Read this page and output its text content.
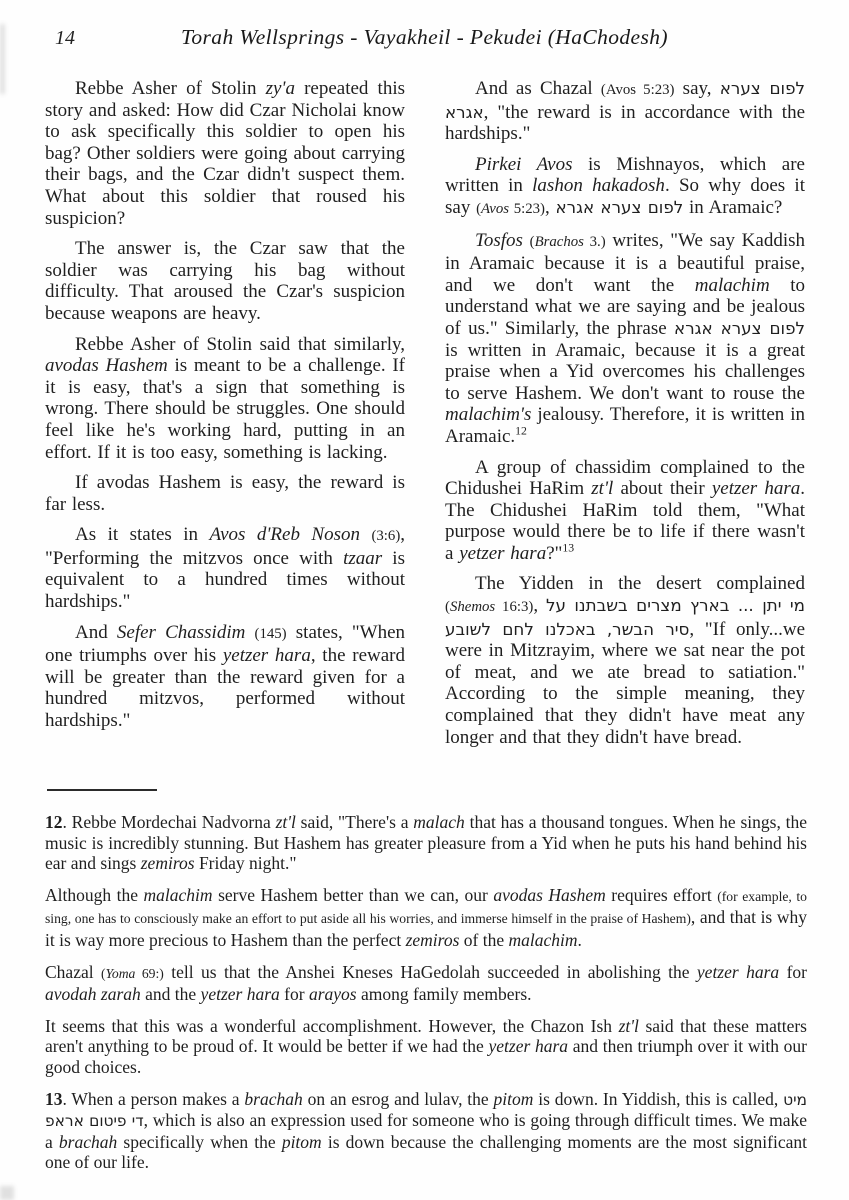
14	Torah Wellsprings - Vayakheil - Pekudei (HaChodesh)

Rebbe Asher of Stolin zy'a repeated this story and asked: How did Czar Nicholai know to ask specifically this soldier to open his bag? Other soldiers were going about carrying their bags, and the Czar didn't suspect them. What about this soldier that roused his suspicion?

The answer is, the Czar saw that the soldier was carrying his bag without difficulty. That aroused the Czar's suspicion because weapons are heavy.

Rebbe Asher of Stolin said that similarly, avodas Hashem is meant to be a challenge. If it is easy, that's a sign that something is wrong. There should be struggles. One should feel like he's working hard, putting in an effort. If it is too easy, something is lacking.

If avodas Hashem is easy, the reward is far less.

As it states in Avos d'Reb Noson (3:6), "Performing the mitzvos once with tzaar is equivalent to a hundred times without hardships."

And Sefer Chassidim (145) states, "When one triumphs over his yetzer hara, the reward will be greater than the reward given for a hundred mitzvos, performed without hardships."

And as Chazal (Avos 5:23) say, לפום צערא אגרא, "the reward is in accordance with the hardships."

Pirkei Avos is Mishnayos, which are written in lashon hakadosh. So why does it say (Avos 5:23), לפום צערא אגרא in Aramaic?

Tosfos (Brachos 3.) writes, "We say Kaddish in Aramaic because it is a beautiful praise, and we don't want the malachim to understand what we are saying and be jealous of us." Similarly, the phrase לפום צערא אגרא is written in Aramaic, because it is a great praise when a Yid overcomes his challenges to serve Hashem. We don't want to rouse the malachim's jealousy. Therefore, it is written in Aramaic.$^{12}$

A group of chassidim complained to the Chidushei HaRim zt'l about their yetzer hara. The Chidushei HaRim told them, "What purpose would there be to life if there wasn't a yetzer hara?"$^{13}$

The Yidden in the desert complained (Shemos 16:3), מי יתן ... בארץ מצרים בשבתנו על סיר הבשר, באכלנו לחם לשובע, "If only...we were in Mitzrayim, where we sat near the pot of meat, and we ate bread to satiation." According to the simple meaning, they complained that they didn't have meat any longer and that they didn't have bread.

12. Rebbe Mordechai Nadvorna zt'l said, "There's a malach that has a thousand tongues. When he sings, the music is incredibly stunning. But Hashem has greater pleasure from a Yid when he puts his hand behind his ear and sings zemiros Friday night."

Although the malachim serve Hashem better than we can, our avodas Hashem requires effort (for example, to sing, one has to consciously make an effort to put aside all his worries, and immerse himself in the praise of Hashem), and that is why it is way more precious to Hashem than the perfect zemiros of the malachim.

Chazal (Yoma 69:) tell us that the Anshei Kneses HaGedolah succeeded in abolishing the yetzer hara for avodah zarah and the yetzer hara for arayos among family members.

It seems that this was a wonderful accomplishment. However, the Chazon Ish zt'l said that these matters aren't anything to be proud of. It would be better if we had the yetzer hara and then triumph over it with our good choices.

13. When a person makes a brachah on an esrog and lulav, the pitom is down. In Yiddish, this is called, מיט די פיטום אראפ, which is also an expression used for someone who is going through difficult times. We make a brachah specifically when the pitom is down because the challenging moments are the most significant one of our life.
